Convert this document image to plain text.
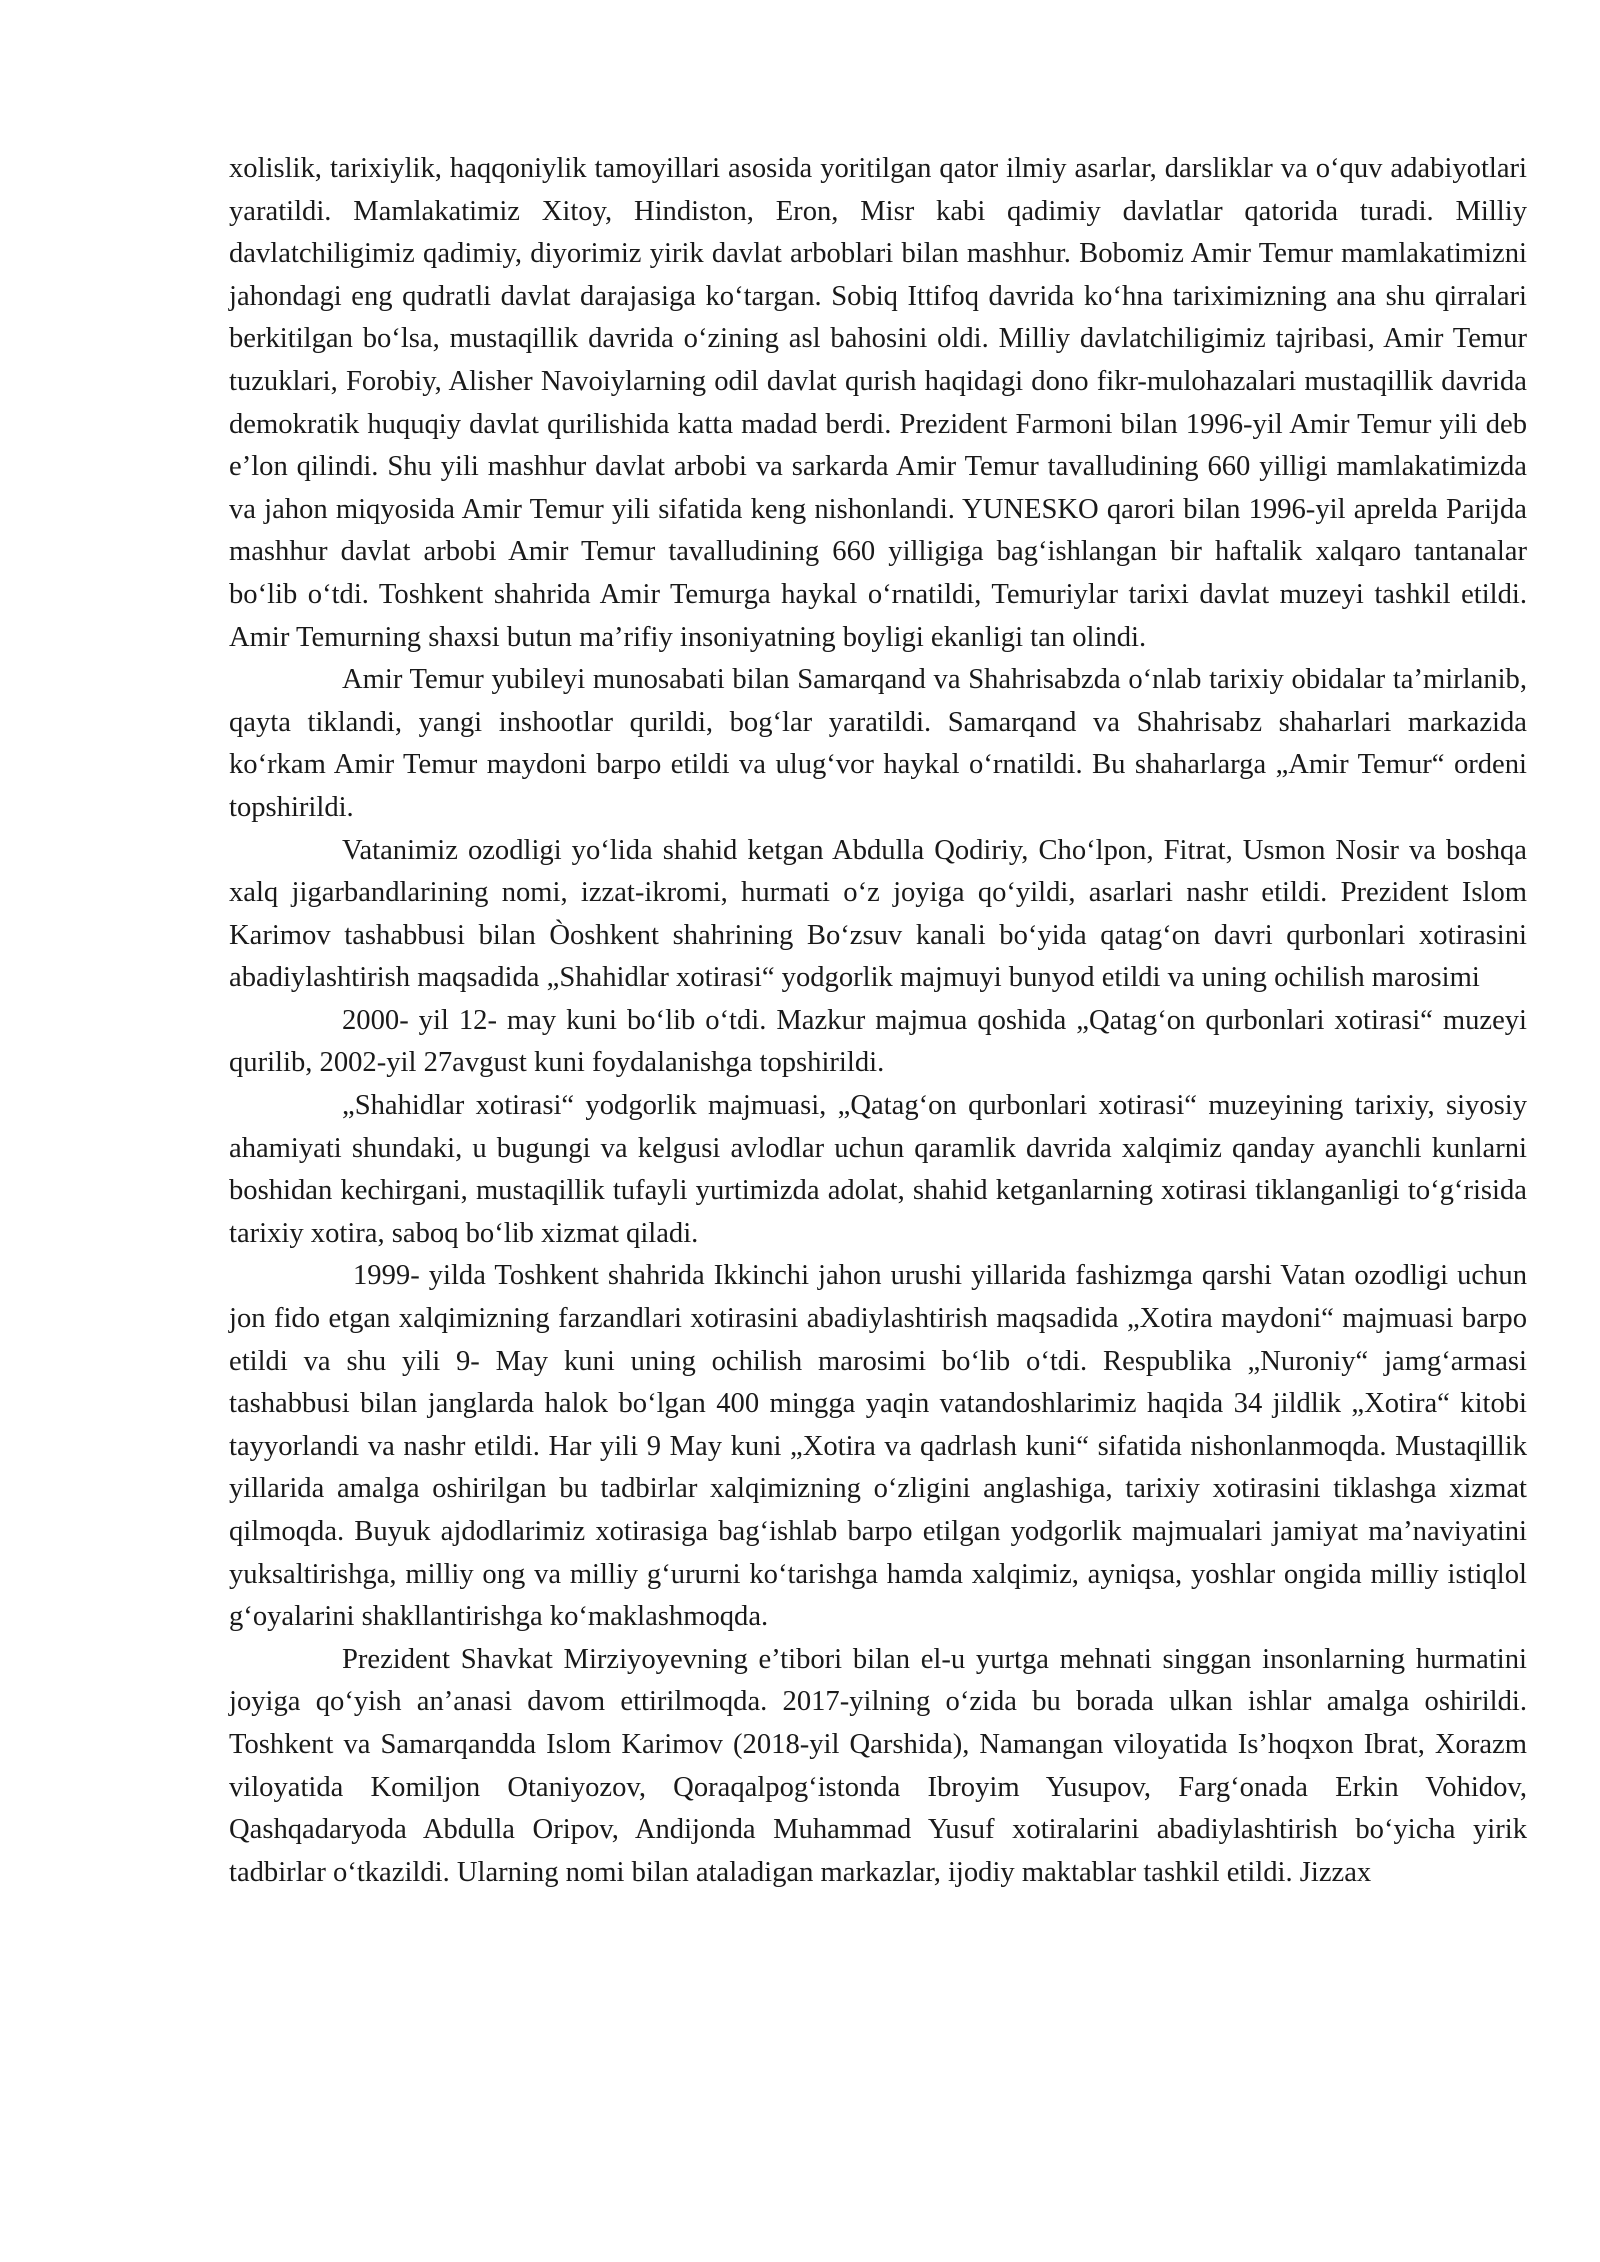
xolislik, tarixiylik, haqqoniylik tamoyillari asosida yoritilgan qator ilmiy asarlar, darsliklar va o‘quv adabiyotlari yaratildi. Mamlakatimiz Xitoy, Hindiston, Eron, Misr kabi qadimiy davlatlar qatorida turadi. Milliy davlatchiligimiz qadimiy, diyorimiz yirik davlat arboblari bilan mashhur. Bobomiz Amir Temur mamlakatimizni jahondagi eng qudratli davlat darajasiga ko‘targan. Sobiq Ittifoq davrida ko‘hna tariximizning ana shu qirralari berkitilgan bo‘lsa, mustaqillik davrida o‘zining asl bahosini oldi. Milliy davlatchiligimiz tajribasi, Amir Temur tuzuklari, Forobiy, Alisher Navoiylarning odil davlat qurish haqidagi dono fikr-mulohazalari mustaqillik davrida demokratik huquqiy davlat qurilishida katta madad berdi. Prezident Farmoni bilan 1996-yil Amir Temur yili deb e’lon qilindi. Shu yili mashhur davlat arbobi va sarkarda Amir Temur tavalludining 660 yilligi mamlakatimizda va jahon miqyosida Amir Temur yili sifatida keng nishonlandi. YUNESKO qarori bilan 1996-yil aprelda Parijda mashhur davlat arbobi Amir Temur tavalludining 660 yilligiga bag‘ishlangan bir haftalik xalqaro tantanalar bo‘lib o‘tdi. Toshkent shahrida Amir Temurga haykal o‘rnatildi, Temuriylar tarixi davlat muzeyi tashkil etildi. Amir Temurning shaxsi butun ma’rifiy insoniyatning boyligi ekanligi tan olindi.

Amir Temur yubileyi munosabati bilan Samarqand va Shahrisabzda o‘nlab tarixiy obidalar ta’mirlanib, qayta tiklandi, yangi inshootlar qurildi, bog‘lar yaratildi. Samarqand va Shahrisabz shaharlari markazida ko‘rkam Amir Temur maydoni barpo etildi va ulug‘vor haykal o‘rnatildi. Bu shaharlarga „Amir Temur“ ordeni topshirildi.

Vatanimiz ozodligi yo‘lida shahid ketgan Abdulla Qodiriy, Cho‘lpon, Fitrat, Usmon Nosir va boshqa xalq jigarbandlarining nomi, izzat-ikromi, hurmati o‘z joyiga qo‘yildi, asarlari nashr etildi. Prezident Islom Karimov tashabbusi bilan Òoshkent shahrining Bo‘zsuv kanali bo‘yida qatag‘on davri qurbonlari xotirasini abadiylashtirish maqsadida „Shahidlar xotirasi“ yodgorlik majmuyi bunyod etildi va uning ochilish marosimi

2000- yil 12- may kuni bo‘lib o‘tdi. Mazkur majmua qoshida „Qatag‘on qurbonlari xotirasi“ muzeyi qurilib, 2002-yil 27avgust kuni foydalanishga topshirildi.

„Shahidlar xotirasi“ yodgorlik majmuasi, „Qatag‘on qurbonlari xotirasi“ muzeyining tarixiy, siyosiy ahamiyati shundaki, u bugungi va kelgusi avlodlar uchun qaramlik davrida xalqimiz qanday ayanchli kunlarni boshidan kechirgani, mustaqillik tufayli yurtimizda adolat, shahid ketganlarning xotirasi tiklanganligi to‘g‘risida tarixiy xotira, saboq bo‘lib xizmat qiladi.

1999- yilda Toshkent shahrida Ikkinchi jahon urushi yillarida fashizmga qarshi Vatan ozodligi uchun jon fido etgan xalqimizning farzandlari xotirasini abadiylashtirish maqsadida „Xotira maydoni“ majmuasi barpo etildi va shu yili 9- May kuni uning ochilish marosimi bo‘lib o‘tdi. Respublika „Nuroniy“ jamg‘armasi tashabbusi bilan janglarda halok bo‘lgan 400 mingga yaqin vatandoshlarimiz haqida 34 jildlik „Xotira“ kitobi tayyorlandi va nashr etildi. Har yili 9 May kuni „Xotira va qadrlash kuni“ sifatida nishonlanmoqda. Mustaqillik yillarida amalga oshirilgan bu tadbirlar xalqimizning o‘zligini anglashiga, tarixiy xotirasini tiklashga xizmat qilmoqda. Buyuk ajdodlarimiz xotirasiga bag‘ishlab barpo etilgan yodgorlik majmualari jamiyat ma’naviyatini yuksaltirishga, milliy ong va milliy g‘ururni ko‘tarishga hamda xalqimiz, ayniqsa, yoshlar ongida milliy istiqlol g‘oyalarini shakllantirishga ko‘maklashmoqda.

Prezident Shavkat Mirziyoyevning e’tibori bilan el-u yurtga mehnati singgan insonlarning hurmatini joyiga qo‘yish an’anasi davom ettirilmoqda. 2017-yilning o‘zida bu borada ulkan ishlar amalga oshirildi. Toshkent va Samarqandda Islom Karimov (2018-yil Qarshida), Namangan viloyatida Is’hoqxon Ibrat, Xorazm viloyatida Komiljon Otaniyozov, Qoraqalpog‘istonda Ibroyim Yusupov, Farg‘onada Erkin Vohidov, Qashqadaryoda Abdulla Oripov, Andijonda Muhammad Yusuf xotiralarini abadiylashtirish bo‘yicha yirik tadbirlar o‘tkazildi. Ularning nomi bilan ataladigan markazlar, ijodiy maktablar tashkil etildi. Jizzax
